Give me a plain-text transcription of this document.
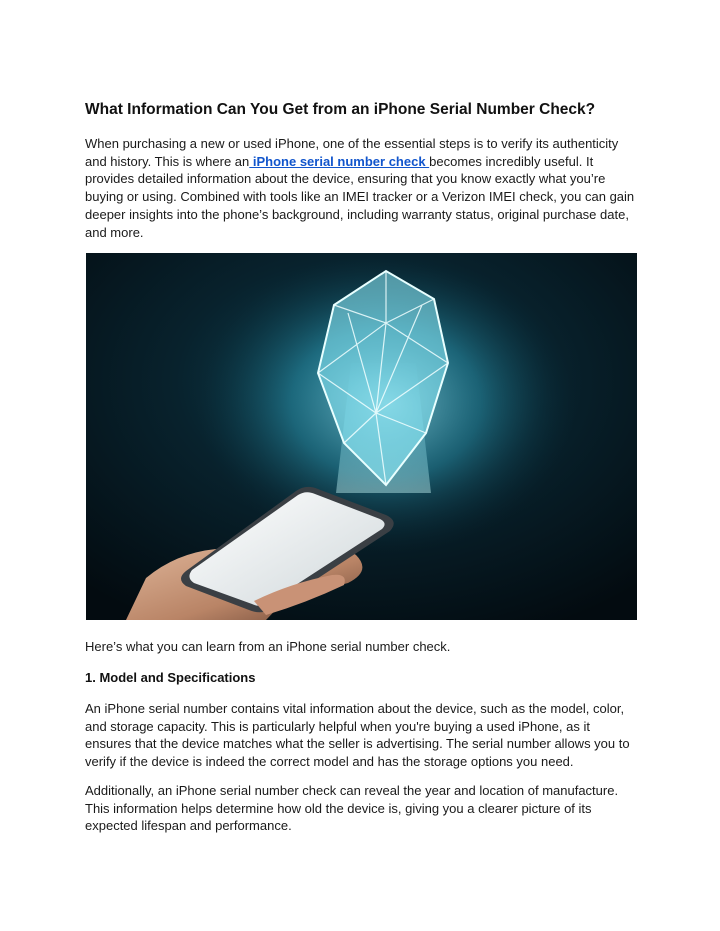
What Information Can You Get from an iPhone Serial Number Check?

When purchasing a new or used iPhone, one of the essential steps is to verify its authenticity and history. This is where an iPhone serial number check becomes incredibly useful. It provides detailed information about the device, ensuring that you know exactly what you’re buying or using. Combined with tools like an IMEI tracker or a Verizon IMEI check, you can gain deeper insights into the phone’s background, including warranty status, original purchase date, and more.

Here’s what you can learn from an iPhone serial number check.

1. Model and Specifications

An iPhone serial number contains vital information about the device, such as the model, color, and storage capacity. This is particularly helpful when you're buying a used iPhone, as it ensures that the device matches what the seller is advertising. The serial number allows you to verify if the device is indeed the correct model and has the storage options you need.

Additionally, an iPhone serial number check can reveal the year and location of manufacture. This information helps determine how old the device is, giving you a clearer picture of its expected lifespan and performance.
